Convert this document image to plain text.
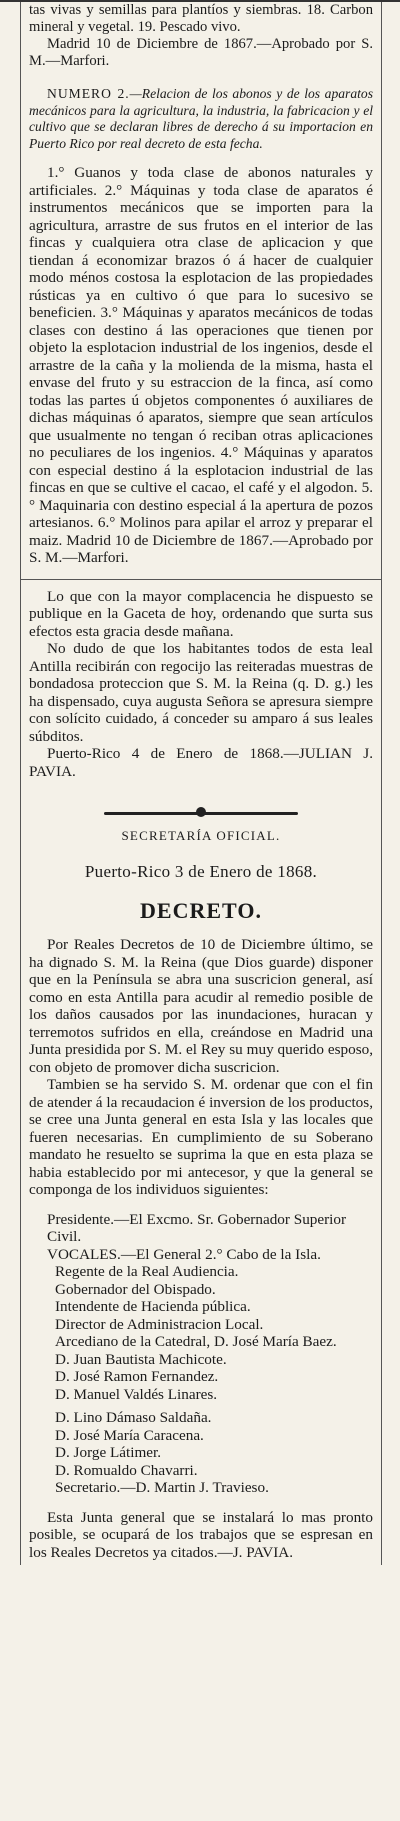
tas vivas y semillas para plantíos y siembras. 18. Carbon mineral y vegetal. 19. Pescado vivo.

Madrid 10 de Diciembre de 1867.—Aprobado por S. M.—Marfori.

NUMERO 2.—Relacion de los abonos y de los aparatos mecánicos para la agricultura, la industria, la fabricacion y el cultivo que se declaran libres de derecho á su importacion en Puerto Rico por real decreto de esta fecha.

1.° Guanos y toda clase de abonos naturales y artificiales. 2.° Máquinas y toda clase de aparatos é instrumentos mecánicos que se importen para la agricultura, arrastre de sus frutos en el interior de las fincas y cualquiera otra clase de aplicacion y que tiendan á economizar brazos ó á hacer de cualquier modo ménos costosa la esplotacion de las propiedades rústicas ya en cultivo ó que para lo sucesivo se beneficien. 3.° Máquinas y aparatos mecánicos de todas clases con destino á las operaciones que tienen por objeto la esplotacion industrial de los ingenios, desde el arrastre de la caña y la molienda de la misma, hasta el envase del fruto y su estraccion de la finca, así como todas las partes ú objetos componentes ó auxiliares de dichas máquinas ó aparatos, siempre que sean artículos que usualmente no tengan ó reciban otras aplicaciones no peculiares de los ingenios. 4.° Máquinas y aparatos con especial destino á la esplotacion industrial de las fincas en que se cultive el cacao, el café y el algodon. 5.° Maquinaria con destino especial á la apertura de pozos artesianos. 6.° Molinos para apilar el arroz y preparar el maiz. Madrid 10 de Diciembre de 1867.—Aprobado por S. M.—Marfori.

Lo que con la mayor complacencia he dispuesto se publique en la Gaceta de hoy, ordenando que surta sus efectos esta gracia desde mañana.

No dudo de que los habitantes todos de esta leal Antilla recibirán con regocijo las reiteradas muestras de bondadosa proteccion que S. M. la Reina (q. D. g.) les ha dispensado, cuya augusta Señora se apresura siempre con solícito cuidado, á conceder su amparo á sus leales súbditos.

Puerto-Rico 4 de Enero de 1868.—JULIAN J. PAVIA.

SECRETARÍA OFICIAL.
Puerto-Rico 3 de Enero de 1868.
DECRETO.

Por Reales Decretos de 10 de Diciembre último, se ha dignado S. M. la Reina (que Dios guarde) disponer que en la Península se abra una suscricion general, así como en esta Antilla para acudir al remedio posible de los daños causados por las inundaciones, huracan y terremotos sufridos en ella, creándose en Madrid una Junta presidida por S. M. el Rey su muy querido esposo, con objeto de promover dicha suscricion.

Tambien se ha servido S. M. ordenar que con el fin de atender á la recaudacion é inversion de los productos, se cree una Junta general en esta Isla y las locales que fueren necesarias. En cumplimiento de su Soberano mandato he resuelto se suprima la que en esta plaza se habia establecido por mi antecesor, y que la general se componga de los individuos siguientes:

Presidente.—El Excmo. Sr. Gobernador Superior Civil.

VOCALES.—El General 2.° Cabo de la Isla.

Regente de la Real Audiencia.

Gobernador del Obispado.

Intendente de Hacienda pública.

Director de Administracion Local.

Arcediano de la Catedral, D. José María Baez.

D. Juan Bautista Machicote.

D. José Ramon Fernandez.

D. Manuel Valdés Linares.

D. Lino Dámaso Saldaña.

D. José María Caracena.

D. Jorge Látimer.

D. Romualdo Chavarri.

Secretario.—D. Martin J. Travieso.

Esta Junta general que se instalará lo mas pronto posible, se ocupará de los trabajos que se espresan en los Reales Decretos ya citados.—J. PAVIA.
